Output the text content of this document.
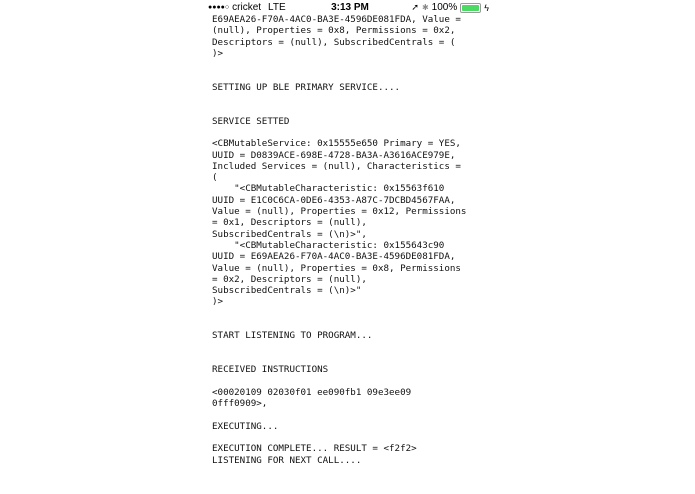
●●●●○ cricket LTE	3:13 PM	➚ ✱ 100%	ϟ
E69AEA26-F70A-4AC0-BA3E-4596DE081FDA, Value =
(null), Properties = 0x8, Permissions = 0x2,
Descriptors = (null), SubscribedCentrals = (
)>

SETTING UP BLE PRIMARY SERVICE....

SERVICE SETTED

<CBMutableService: 0x15555e650 Primary = YES,
UUID = D0839ACE-698E-4728-BA3A-A3616ACE979E,
Included Services = (null), Characteristics =
(
"<CBMutableCharacteristic: 0x15563f610
UUID = E1C0C6CA-0DE6-4353-A87C-7DCBD4567FAA,
Value = (null), Properties = 0x12, Permissions
= 0x1, Descriptors = (null),
SubscribedCentrals = (\n)>",
"<CBMutableCharacteristic: 0x155643c90
UUID = E69AEA26-F70A-4AC0-BA3E-4596DE081FDA,
Value = (null), Properties = 0x8, Permissions
= 0x2, Descriptors = (null),
SubscribedCentrals = (\n)>"
)>

START LISTENING TO PROGRAM...

RECEIVED INSTRUCTIONS

<00020109 02030f01 ee090fb1 09e3ee09
0fff0909>,

EXECUTING...

EXECUTION COMPLETE... RESULT = <f2f2>
LISTENING FOR NEXT CALL....
